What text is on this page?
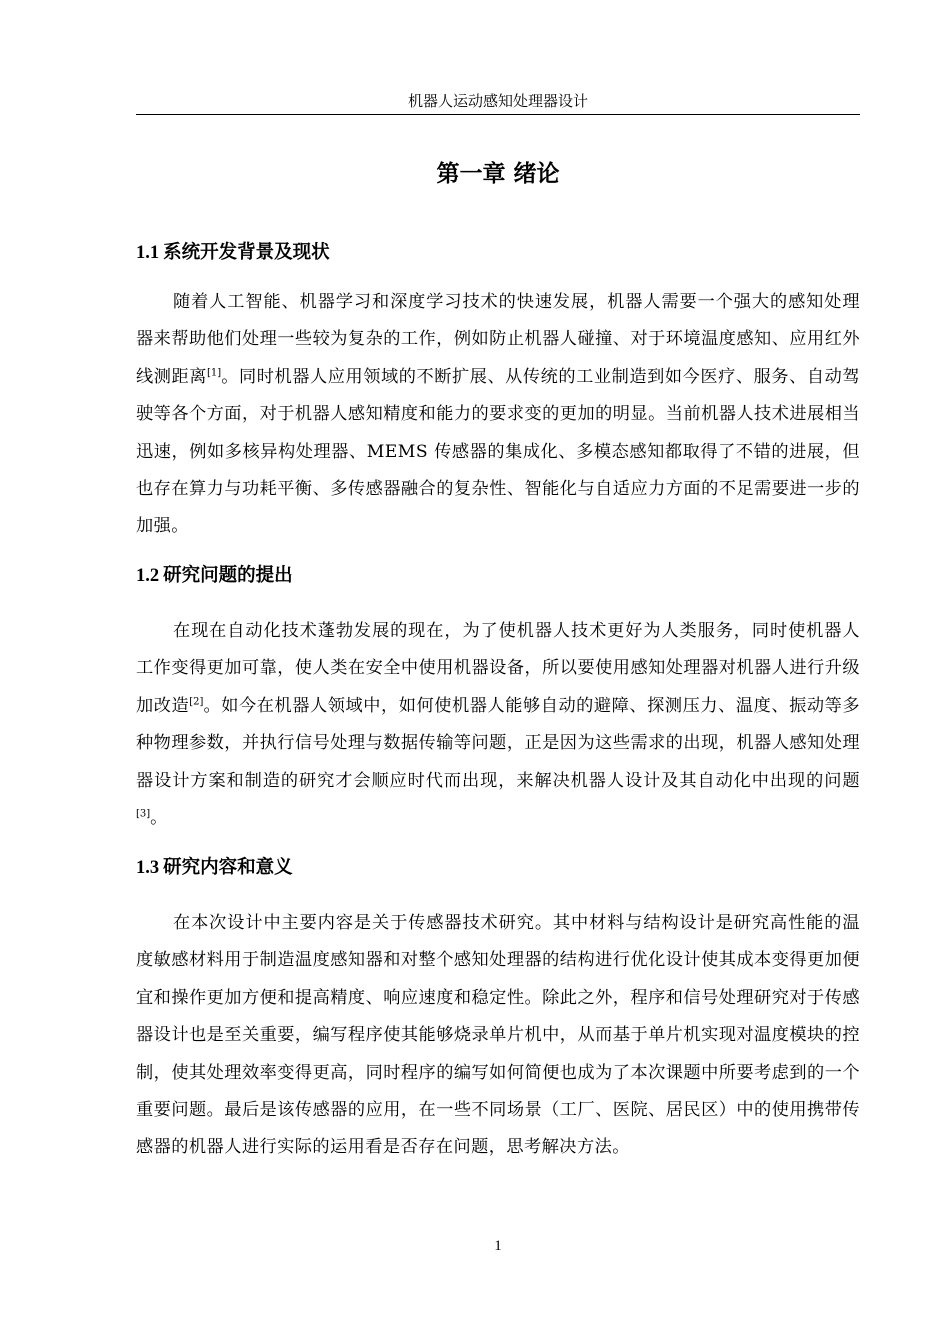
机器人运动感知处理器设计
第一章 绪论
1.1 系统开发背景及现状
随着人工智能、机器学习和深度学习技术的快速发展，机器人需要一个强大的感知处理器来帮助他们处理一些较为复杂的工作，例如防止机器人碰撞、对于环境温度感知、应用红外线测距离[1]。同时机器人应用领域的不断扩展、从传统的工业制造到如今医疗、服务、自动驾驶等各个方面，对于机器人感知精度和能力的要求变的更加的明显。当前机器人技术进展相当迅速，例如多核异构处理器、MEMS 传感器的集成化、多模态感知都取得了不错的进展，但也存在算力与功耗平衡、多传感器融合的复杂性、智能化与自适应力方面的不足需要进一步的加强。
1.2 研究问题的提出
在现在自动化技术蓬勃发展的现在，为了使机器人技术更好为人类服务，同时使机器人工作变得更加可靠，使人类在安全中使用机器设备，所以要使用感知处理器对机器人进行升级加改造[2]。如今在机器人领域中，如何使机器人能够自动的避障、探测压力、温度、振动等多种物理参数，并执行信号处理与数据传输等问题，正是因为这些需求的出现，机器人感知处理器设计方案和制造的研究才会顺应时代而出现，来解决机器人设计及其自动化中出现的问题[3]。
1.3 研究内容和意义
在本次设计中主要内容是关于传感器技术研究。其中材料与结构设计是研究高性能的温度敏感材料用于制造温度感知器和对整个感知处理器的结构进行优化设计使其成本变得更加便宜和操作更加方便和提高精度、响应速度和稳定性。除此之外，程序和信号处理研究对于传感器设计也是至关重要，编写程序使其能够烧录单片机中，从而基于单片机实现对温度模块的控制，使其处理效率变得更高，同时程序的编写如何简便也成为了本次课题中所要考虑到的一个重要问题。最后是该传感器的应用，在一些不同场景（工厂、医院、居民区）中的使用携带传感器的机器人进行实际的运用看是否存在问题，思考解决方法。
1
